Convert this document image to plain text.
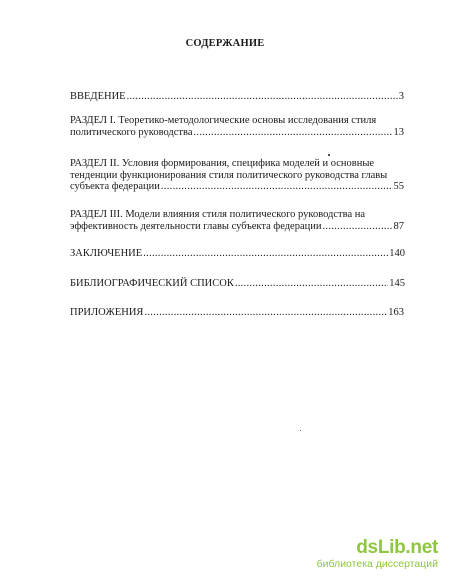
СОДЕРЖАНИЕ
ВВЕДЕНИЕ .....	3
РАЗДЕЛ I. Теоретико-методологические основы исследования стиля
политического руководства .....	13
РАЗДЕЛ II. Условия формирования, специфика моделей и основные
тенденции функционирования стиля политического руководства главы
субъекта федерации .....	55
РАЗДЕЛ III. Модели влияния стиля политического руководства на
эффективность деятельности главы субъекта федерации .....	87
ЗАКЛЮЧЕНИЕ .....	140
БИБЛИОГРАФИЧЕСКИЙ СПИСОК .....	145
ПРИЛОЖЕНИЯ .....	163
dsLib.net
библиотека диссертаций
